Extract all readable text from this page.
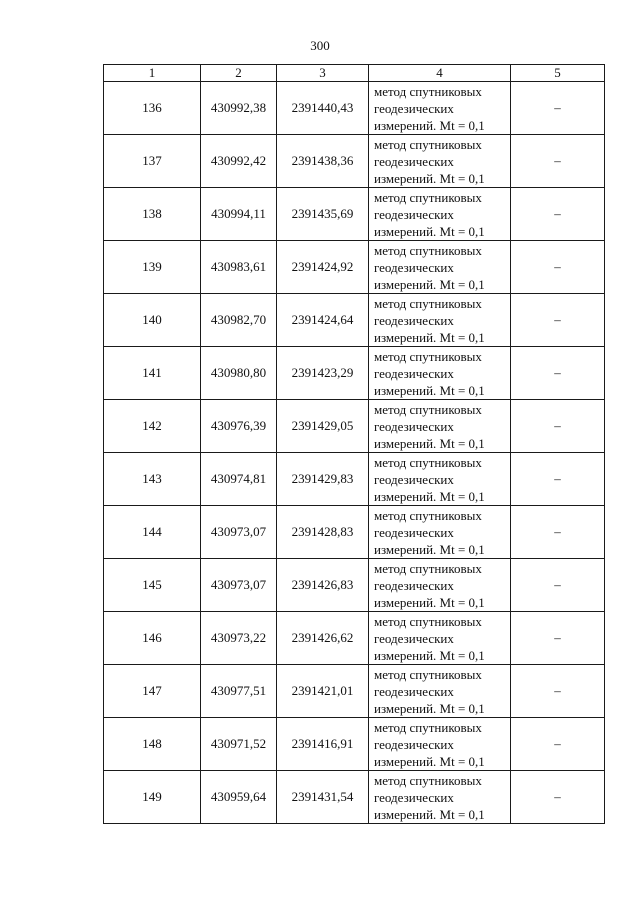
300
1	2	3	4	5
136	430992,38	2391440,43	метод спутниковых
геодезических
измерений. Mt = 0,1	–
137	430992,42	2391438,36	метод спутниковых
геодезических
измерений. Mt = 0,1	–
138	430994,11	2391435,69	метод спутниковых
геодезических
измерений. Mt = 0,1	–
139	430983,61	2391424,92	метод спутниковых
геодезических
измерений. Mt = 0,1	–
140	430982,70	2391424,64	метод спутниковых
геодезических
измерений. Mt = 0,1	–
141	430980,80	2391423,29	метод спутниковых
геодезических
измерений. Mt = 0,1	–
142	430976,39	2391429,05	метод спутниковых
геодезических
измерений. Mt = 0,1	–
143	430974,81	2391429,83	метод спутниковых
геодезических
измерений. Mt = 0,1	–
144	430973,07	2391428,83	метод спутниковых
геодезических
измерений. Mt = 0,1	–
145	430973,07	2391426,83	метод спутниковых
геодезических
измерений. Mt = 0,1	–
146	430973,22	2391426,62	метод спутниковых
геодезических
измерений. Mt = 0,1	–
147	430977,51	2391421,01	метод спутниковых
геодезических
измерений. Mt = 0,1	–
148	430971,52	2391416,91	метод спутниковых
геодезических
измерений. Mt = 0,1	–
149	430959,64	2391431,54	метод спутниковых
геодезических
измерений. Mt = 0,1	–
